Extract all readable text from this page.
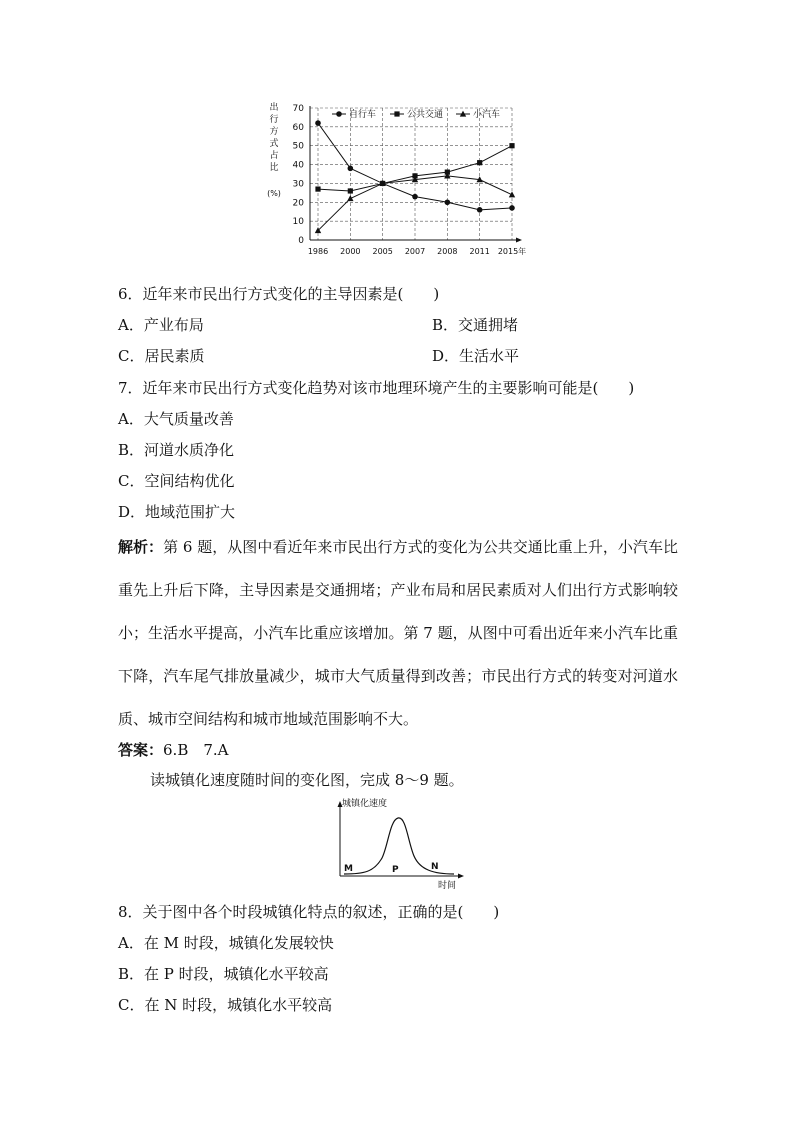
出
行
方
式
占
比
(%)
0
10
20
30
40
50
60
70
1986 2000 2005 2007 2008 2011 2015年
自行车	公共交通	小汽车
6．近年来市民出行方式变化的主导因素是(　　)
A．产业布局	B．交通拥堵
C．居民素质	D．生活水平
7．近年来市民出行方式变化趋势对该市地理环境产生的主要影响可能是(　　)
A．大气质量改善
B．河道水质净化
C．空间结构优化
D．地域范围扩大
解析：第 6 题，从图中看近年来市民出行方式的变化为公共交通比重上升，小汽车比重先上升后下降，主导因素是交通拥堵；产业布局和居民素质对人们出行方式影响较小；生活水平提高，小汽车比重应该增加。第 7 题，从图中可看出近年来小汽车比重下降，汽车尾气排放量减少，城市大气质量得到改善；市民出行方式的转变对河道水质、城市空间结构和城市地域范围影响不大。
答案：6.B　7.A
读城镇化速度随时间的变化图，完成 8～9 题。
城镇化速度
M	P	N
时间
8．关于图中各个时段城镇化特点的叙述，正确的是(　　)
A．在 M 时段，城镇化发展较快
B．在 P 时段，城镇化水平较高
C．在 N 时段，城镇化水平较高
